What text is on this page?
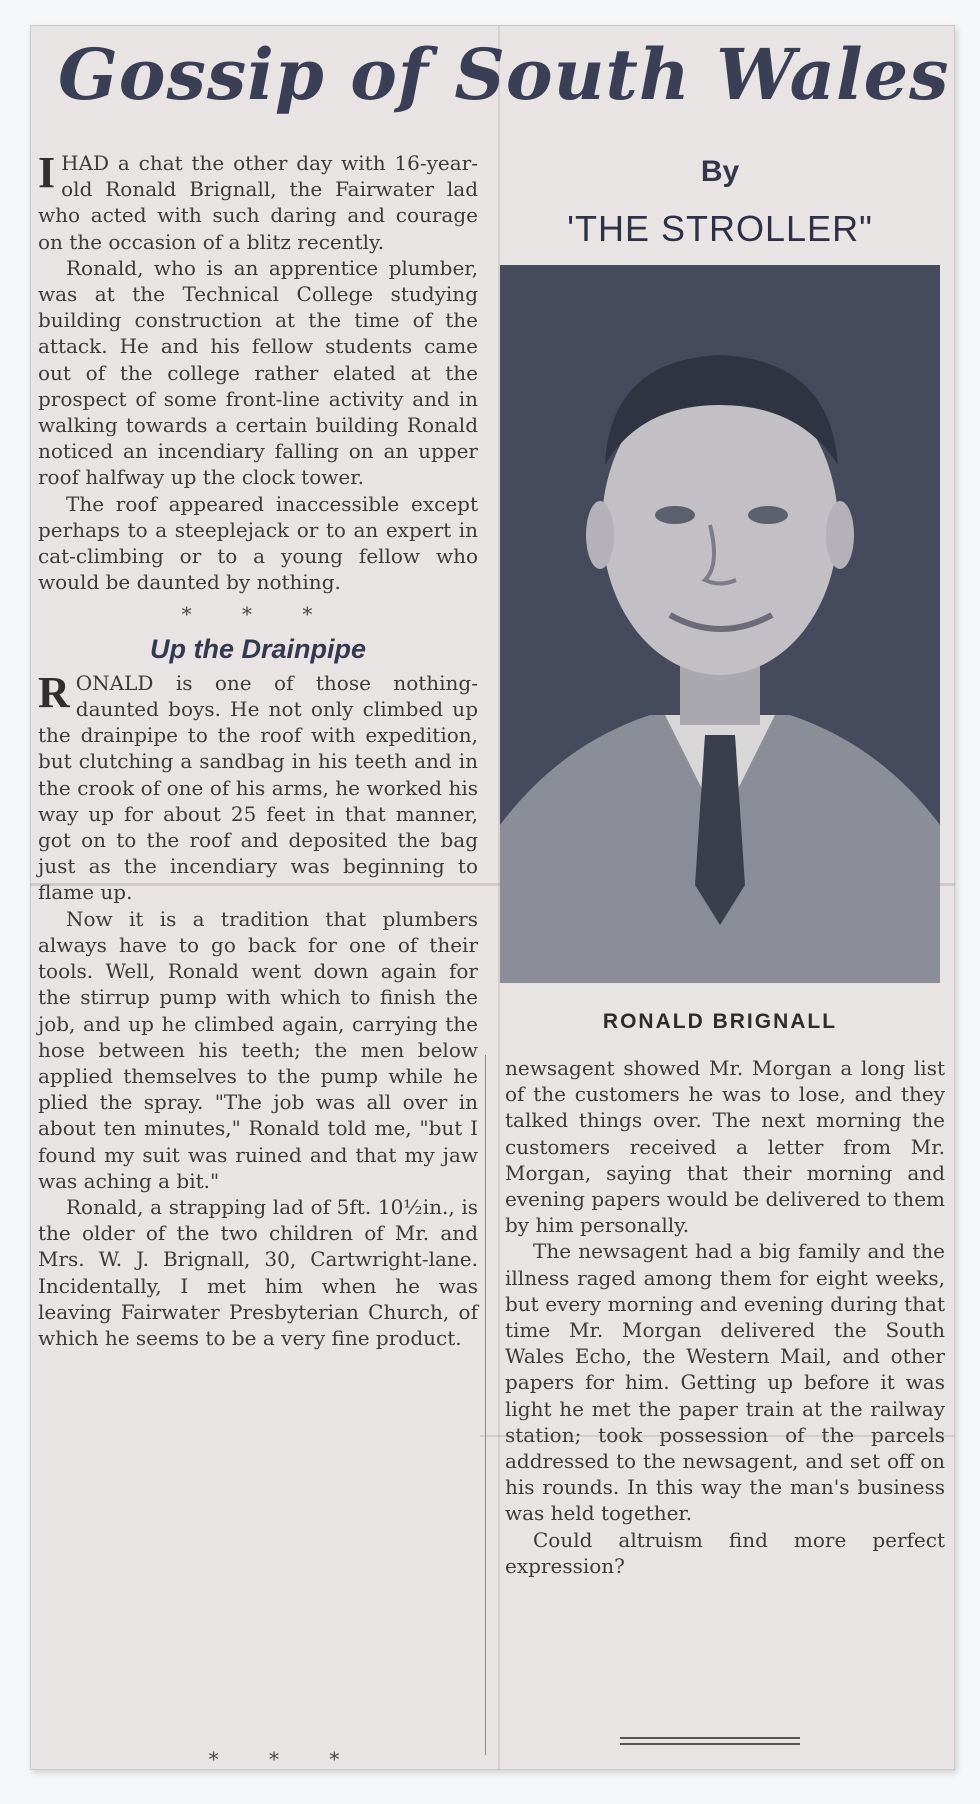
Gossip of South Wales
By
'THE STROLLER"

IHAD a chat the other day with 16-year-old Ronald Brignall, the Fairwater lad who acted with such daring and courage on the occasion of a blitz recently.

Ronald, who is an apprentice plumber, was at the Technical College studying building construction at the time of the attack. He and his fellow students came out of the college rather elated at the prospect of some front-line activity and in walking towards a certain building Ronald noticed an incendiary falling on an upper roof halfway up the clock tower.

The roof appeared inaccessible except perhaps to a steeplejack or to an expert in cat-climbing or to a young fellow who would be daunted by nothing.

* * *
Up the Drainpipe

RONALD is one of those nothing-daunted boys. He not only climbed up the drainpipe to the roof with expedition, but clutching a sandbag in his teeth and in the crook of one of his arms, he worked his way up for about 25 feet in that manner, got on to the roof and deposited the bag just as the incendiary was beginning to flame up.

Now it is a tradition that plumbers always have to go back for one of their tools. Well, Ronald went down again for the stirrup pump with which to finish the job, and up he climbed again, carrying the hose between his teeth; the men below applied themselves to the pump while he plied the spray. "The job was all over in about ten minutes," Ronald told me, "but I found my suit was ruined and that my jaw was aching a bit."

Ronald, a strapping lad of 5ft. 10½in., is the older of the two children of Mr. and Mrs. W. J. Brignall, 30, Cartwright-lane. Incidentally, I met him when he was leaving Fairwater Presbyterian Church, of which he seems to be a very fine product.

* * *
RONALD BRIGNALL

newsagent showed Mr. Morgan a long list of the customers he was to lose, and they talked things over. The next morning the customers received a letter from Mr. Morgan, saying that their morning and evening papers would be delivered to them by him personally.

The newsagent had a big family and the illness raged among them for eight weeks, but every morning and evening during that time Mr. Morgan delivered the South Wales Echo, the Western Mail, and other papers for him. Getting up before it was light he met the paper train at the railway station; took possession of the parcels addressed to the newsagent, and set off on his rounds. In this way the man's business was held together.

Could altruism find more perfect expression?
